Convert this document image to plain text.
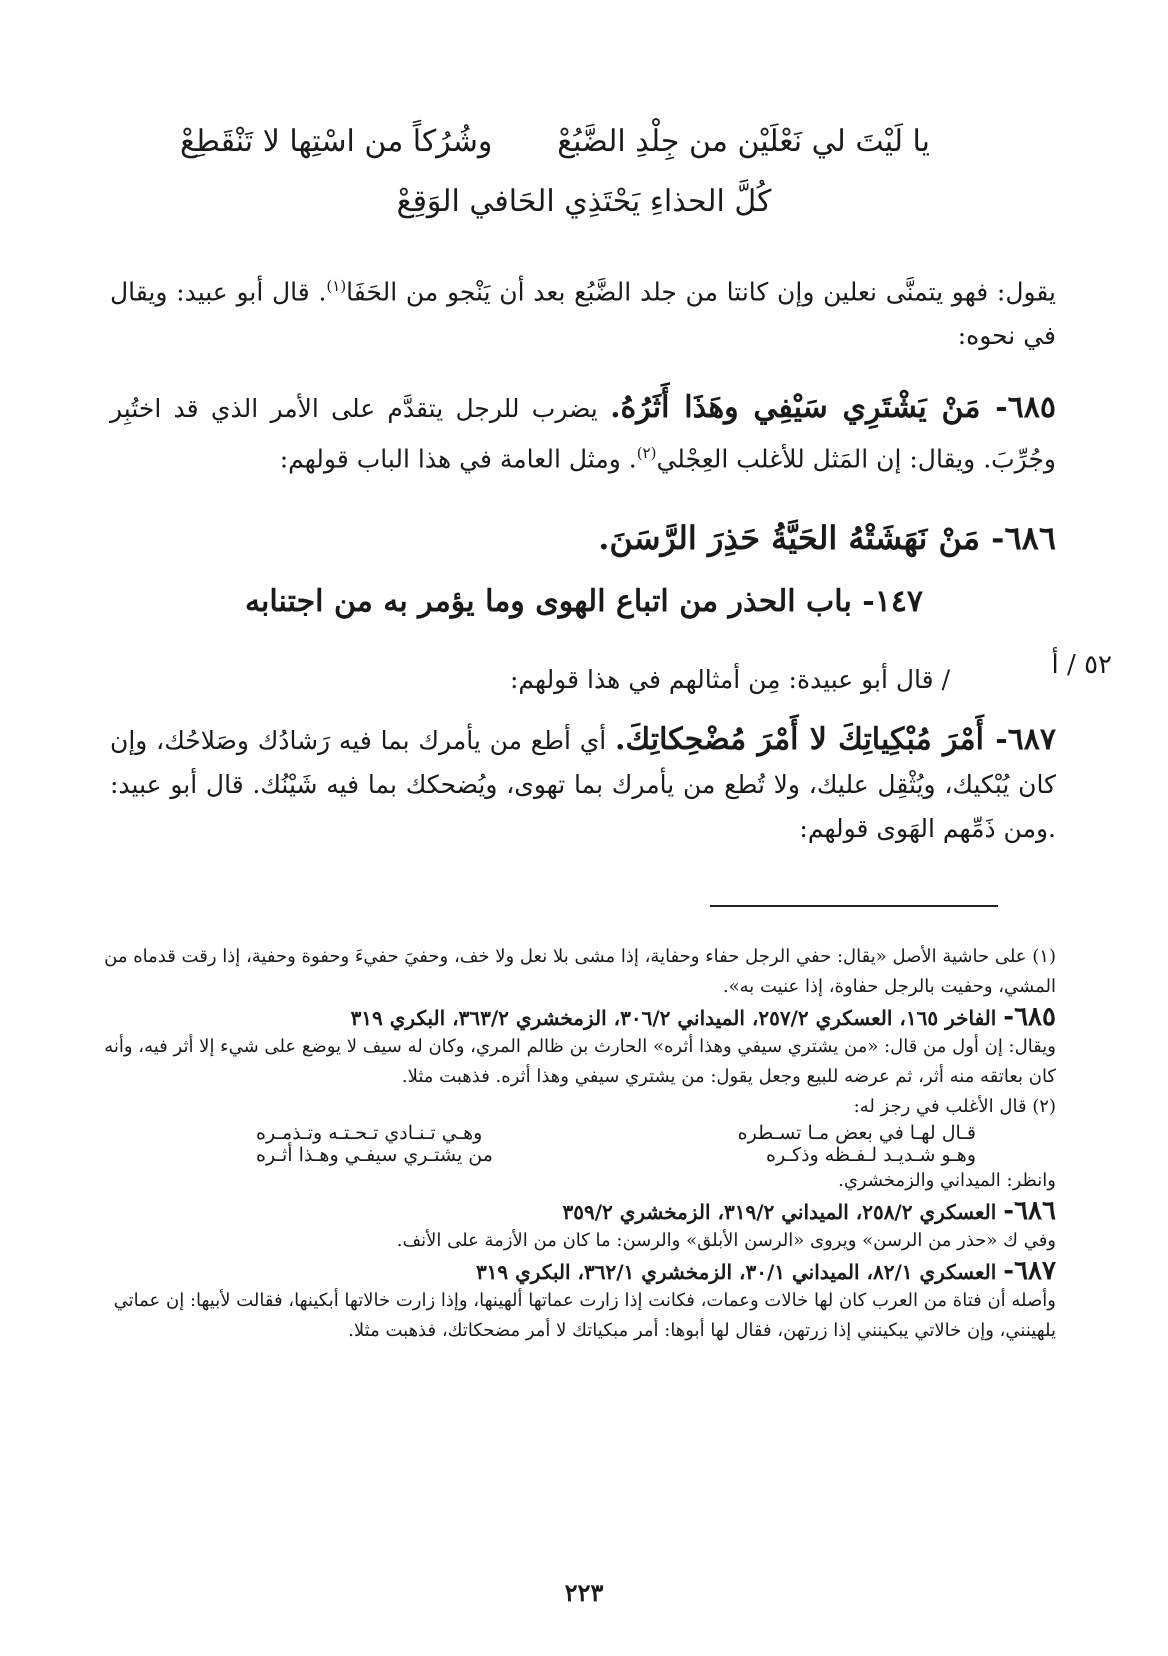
يا لَيْتَ لي نَعْلَيْن من جِلْدِ الضَّبُعْ
وشُرُكاً من اسْتِها لا تَنْقَطِعْ
كُلَّ الحذاءِ يَحْتَذِي الحَافي الوَقِعْ
يقول: فهو يتمنَّى نعلين وإن كانتا من جلد الضَّبُع بعد أن يَنْجو من الحَفَا$^{(١)}$. قال أبو عبيد: ويقال في نحوه:
٦٨٥- مَنْ يَشْتَرِي سَيْفِي وهَذَا أَثَرُهُ. يضرب للرجل يتقدَّم على الأمر الذي قد اختُبِر وجُرِّبَ. ويقال: إن المَثل للأغلب العِجْلي$^{(٢)}$. ومثل العامة في هذا الباب قولهم:
٦٨٦- مَنْ نَهَشَتْهُ الحَيَّةُ حَذِرَ الرَّسَنَ.
١٤٧- باب الحذر من اتباع الهوى وما يؤمر به من اجتنابه
٥٢ / أ
/ قال أبو عبيدة: مِن أمثالهم في هذا قولهم:
٦٨٧- أَمْرَ مُبْكِياتِكَ لا أَمْرَ مُضْحِكاتِكَ. أي أطع من يأمرك بما فيه رَشادُك وصَلاحُك، وإن كان يُبْكيك، ويُثْقِل عليك، ولا تُطع من يأمرك بما تهوى، ويُضحكك بما فيه شَيْنُك. قال أبو عبيد: .ومن ذَمِّهم الهَوى قولهم:
(١) على حاشية الأصل «يقال: حفي الرجل حفاء وحفاية، إذا مشى بلا نعل ولا خف، وحفيَ حفيءَ وحفوة وحفية، إذا رقت قدماه من المشي، وحفيت بالرجل حفاوة، إذا عنيت به».
٦٨٥- الفاخر ١٦٥، العسكري ٢٥٧/٢، الميداني ٣٠٦/٢، الزمخشري ٣٦٣/٢، البكري ٣١٩
ويقال: إن أول من قال: «من يشتري سيفي وهذا أثره» الحارث بن ظالم المري، وكان له سيف لا يوضع على شيء إلا أثر فيه، وأنه كان بعاتقه منه أثر، ثم عرضه للبيع وجعل يقول: من يشتري سيفي وهذا أثره. فذهبت مثلا.
(٢) قال الأغلب في رجز له:
قـال لهـا في بعض مـا تسـطره
وهـي تـنـادي تـحـتـه وتـذمـره
وهـو شـديـد لـفـظه وذكـره
من يشتـري سيفـي وهـذا أثـره
وانظر: الميداني والزمخشري.
٦٨٦- العسكري ٢٥٨/٢، الميداني ٣١٩/٢، الزمخشري ٣٥٩/٢
وفي ك «حذر من الرسن» ويروى «الرسن الأبلق» والرسن: ما كان من الأزمة على الأنف.
٦٨٧- العسكري ٨٢/١، الميداني ٣٠/١، الزمخشري ٣٦٢/١، البكري ٣١٩
وأصله أن فتاة من العرب كان لها خالات وعمات، فكانت إذا زارت عماتها ألهينها، وإذا زارت خالاتها أبكينها، فقالت لأبيها: إن عماتي يلهينني، وإن خالاتي يبكينني إذا زرتهن، فقال لها أبوها: أمر مبكياتك لا أمر مضحكاتك، فذهبت مثلا.
٢٢٣
